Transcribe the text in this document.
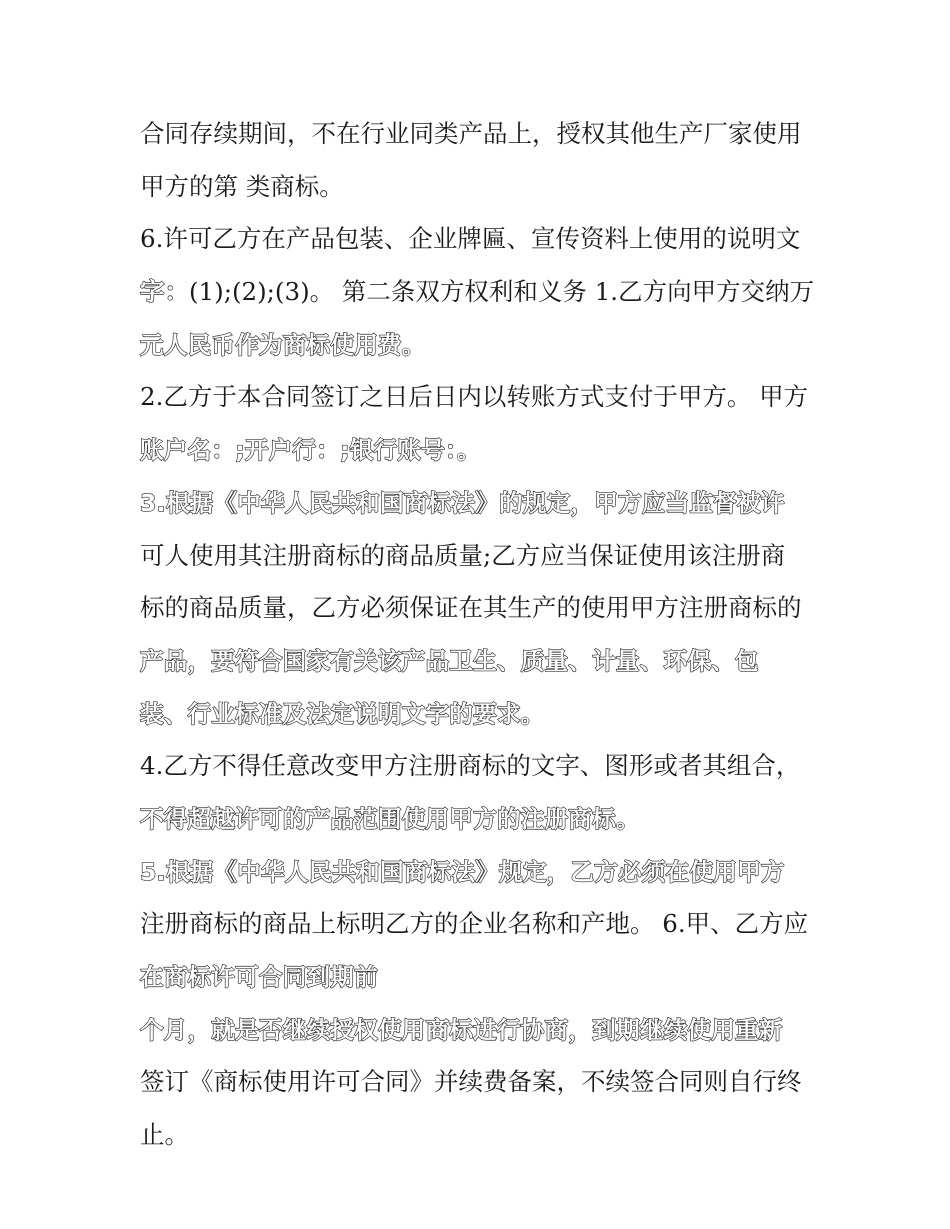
合同存续期间，不在行业同类产品上，授权其他生产厂家使用
甲方的第 类商标。
6.许可乙方在产品包装、企业牌匾、宣传资料上使用的说明文
字：(1);(2);(3)。 第二条双方权利和义务 1.乙方向甲方交纳万
元人民币作为商标使用费。
2.乙方于本合同签订之日后日内以转账方式支付于甲方。 甲方
账户名：;开户行：;银行账号：。
3.根据《中华人民共和国商标法》的规定，甲方应当监督被许
可人使用其注册商标的商品质量;乙方应当保证使用该注册商
标的商品质量，乙方必须保证在其生产的使用甲方注册商标的
产品，要符合国家有关该产品卫生、质量、计量、环保、包
装、行业标准及法定说明文字的要求。
4.乙方不得任意改变甲方注册商标的文字、图形或者其组合，
不得超越许可的产品范围使用甲方的注册商标。
5.根据《中华人民共和国商标法》规定，乙方必须在使用甲方
注册商标的商品上标明乙方的企业名称和产地。 6.甲、乙方应
在商标许可合同到期前
个月，就是否继续授权使用商标进行协商，到期继续使用重新
签订《商标使用许可合同》并续费备案，不续签合同则自行终
止。
